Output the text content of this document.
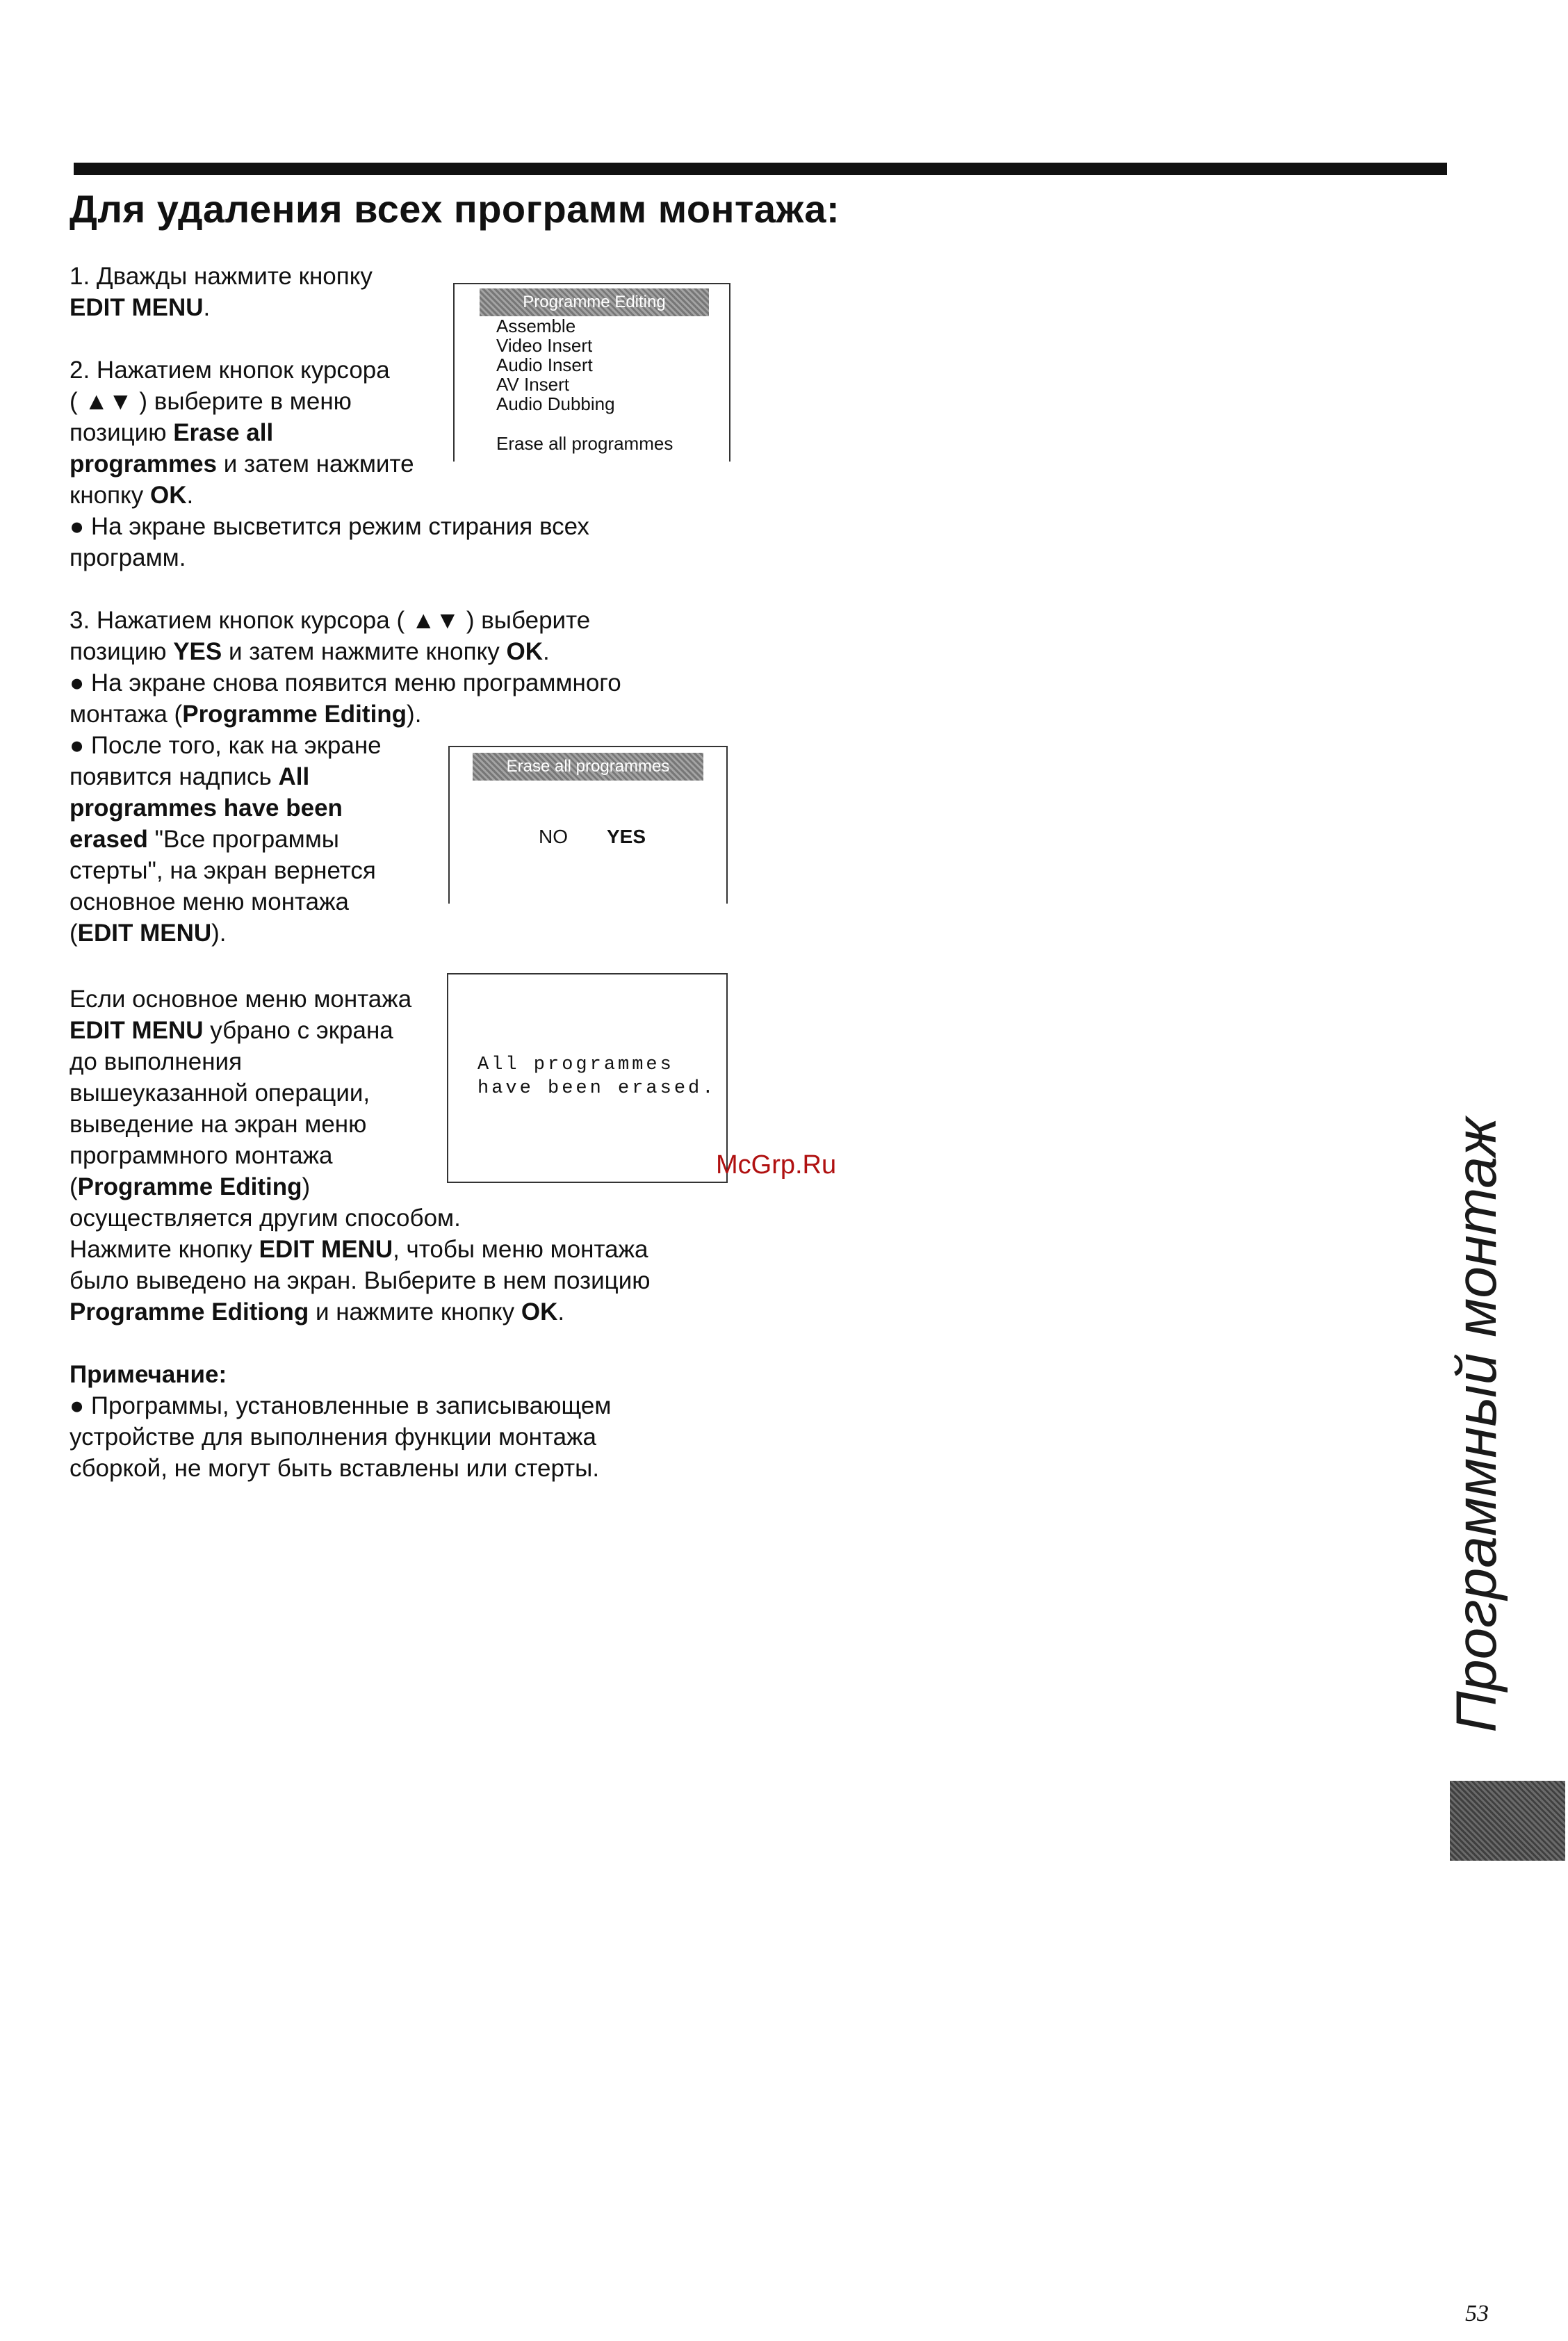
Для удаления всех программ монтажа:
1. Дважды нажмите кнопку
EDIT MENU.
2. Нажатием кнопок курсора
( ▲▼ ) выберите в меню
позицию Erase all
programmes и затем нажмите
кнопку OK.
● На экране высветится режим стирания всех
программ.
3. Нажатием кнопок курсора ( ▲▼ ) выберите
позицию YES и затем нажмите кнопку OK.
● На экране снова появится меню программного
монтажа (Programme Editing).
● После того, как на экране
появится надпись All
programmes have been
erased "Все программы
стерты", на экран вернется
основное меню монтажа
(EDIT MENU).
Если основное меню монтажа
EDIT MENU убрано с экрана
до выполнения
вышеуказанной операции,
выведение на экран меню
программного монтажа
(Programme Editing)
осуществляется другим способом.
Нажмите кнопку EDIT MENU, чтобы меню монтажа
было выведено на экран. Выберите в нем позицию
Programme Editiong и нажмите кнопку OK.
Примечание:
● Программы, установленные в записывающем
устройстве для выполнения функции монтажа
сборкой, не могут быть вставлены или стерты.
Programme Editing
Assemble
Video Insert
Audio Insert
AV Insert
Audio Dubbing
Erase all programmes
Erase all programmes
NO YES
All programmes
have been erased.
McGrp.Ru	Программный монтаж
53
